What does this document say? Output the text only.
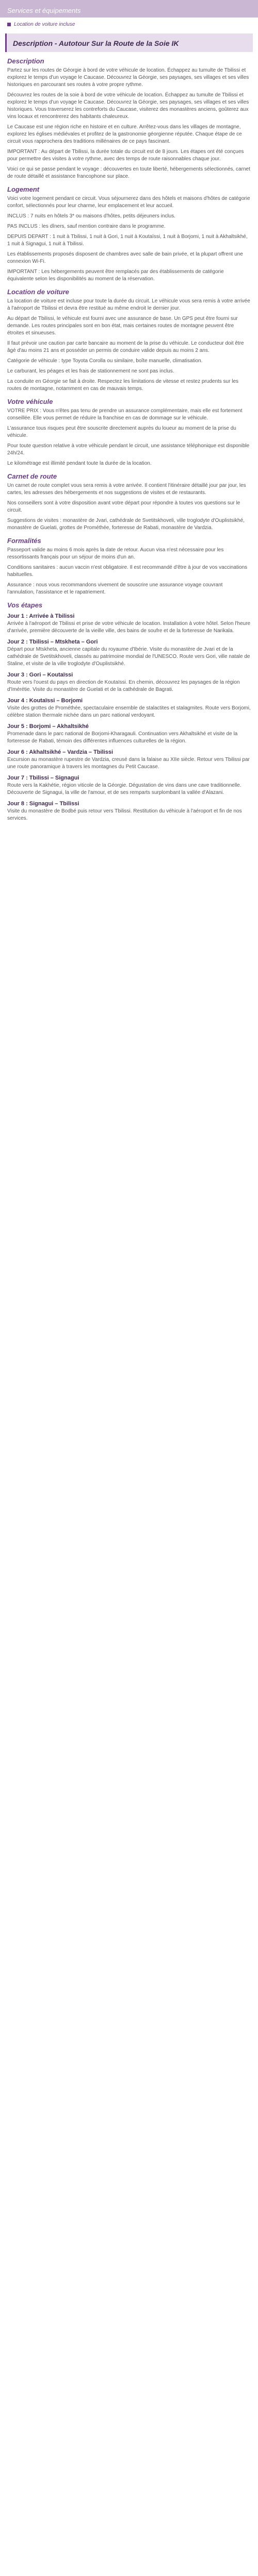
Services et équipements
Location de voiture incluse
Description - Autotour Sur la Route de la Soie IK
Description

Partez sur les routes de Géorgie à bord de votre véhicule de location. Échappez au tumulte de Tbilissi et explorez le temps d'un voyage le Caucase. Découvrez la Géorgie, ses paysages, ses villages et ses villes historiques en parcourant ses routes à votre propre rythme.

Découvrez les routes de la soie à bord de votre véhicule de location. Échappez au tumulte de Tbilissi et explorez le temps d'un voyage le Caucase. Découvrez la Géorgie, ses paysages, ses villages et ses villes historiques. Vous traverserez les contreforts du Caucase, visiterez des monastères anciens, goûterez aux vins locaux et rencontrerez des habitants chaleureux.

Le Caucase est une région riche en histoire et en culture. Arrêtez-vous dans les villages de montagne, explorez les églises médiévales et profitez de la gastronomie géorgienne réputée. Chaque étape de ce circuit vous rapprochera des traditions millénaires de ce pays fascinant.

IMPORTANT : Au départ de Tbilissi, la durée totale du circuit est de 8 jours. Les étapes ont été conçues pour permettre des visites à votre rythme, avec des temps de route raisonnables chaque jour.

Voici ce qui se passe pendant le voyage : découvertes en toute liberté, hébergements sélectionnés, carnet de route détaillé et assistance francophone sur place.

Logement

Voici votre logement pendant ce circuit. Vous séjournerez dans des hôtels et maisons d'hôtes de catégorie confort, sélectionnés pour leur charme, leur emplacement et leur accueil.

INCLUS : 7 nuits en hôtels 3* ou maisons d'hôtes, petits déjeuners inclus.

PAS INCLUS : les dîners, sauf mention contraire dans le programme.

DEPUIS DEPART : 1 nuit à Tbilissi, 1 nuit à Gori, 1 nuit à Koutaïssi, 1 nuit à Borjomi, 1 nuit à Akhaltsikhé, 1 nuit à Signagui, 1 nuit à Tbilissi.

Les établissements proposés disposent de chambres avec salle de bain privée, et la plupart offrent une connexion Wi-Fi.

IMPORTANT : Les hébergements peuvent être remplacés par des établissements de catégorie équivalente selon les disponibilités au moment de la réservation.

Location de voiture

La location de voiture est incluse pour toute la durée du circuit. Le véhicule vous sera remis à votre arrivée à l'aéroport de Tbilissi et devra être restitué au même endroit le dernier jour.

Au départ de Tbilissi, le véhicule est fourni avec une assurance de base. Un GPS peut être fourni sur demande. Les routes principales sont en bon état, mais certaines routes de montagne peuvent être étroites et sinueuses.

Il faut prévoir une caution par carte bancaire au moment de la prise du véhicule. Le conducteur doit être âgé d'au moins 21 ans et posséder un permis de conduire valide depuis au moins 2 ans.

Catégorie de véhicule : type Toyota Corolla ou similaire, boîte manuelle, climatisation.

Le carburant, les péages et les frais de stationnement ne sont pas inclus.

La conduite en Géorgie se fait à droite. Respectez les limitations de vitesse et restez prudents sur les routes de montagne, notamment en cas de mauvais temps.

Votre véhicule

VOTRE PRIX : Vous n'êtes pas tenu de prendre un assurance complémentaire, mais elle est fortement conseillée. Elle vous permet de réduire la franchise en cas de dommage sur le véhicule.

L'assurance tous risques peut être souscrite directement auprès du loueur au moment de la prise du véhicule.

Pour toute question relative à votre véhicule pendant le circuit, une assistance téléphonique est disponible 24h/24.

Le kilométrage est illimité pendant toute la durée de la location.

Carnet de route

Un carnet de route complet vous sera remis à votre arrivée. Il contient l'itinéraire détaillé jour par jour, les cartes, les adresses des hébergements et nos suggestions de visites et de restaurants.

Nos conseillers sont à votre disposition avant votre départ pour répondre à toutes vos questions sur le circuit.

Suggestions de visites : monastère de Jvari, cathédrale de Svetitskhoveli, ville troglodyte d'Ouplistsikhé, monastère de Guelati, grottes de Prométhée, forteresse de Rabati, monastère de Vardzia.

Formalités

Passeport valide au moins 6 mois après la date de retour. Aucun visa n'est nécessaire pour les ressortissants français pour un séjour de moins d'un an.

Conditions sanitaires : aucun vaccin n'est obligatoire. Il est recommandé d'être à jour de vos vaccinations habituelles.

Assurance : nous vous recommandons vivement de souscrire une assurance voyage couvrant l'annulation, l'assistance et le rapatriement.

Vos étapes
Jour 1 : Arrivée à Tbilissi

Arrivée à l'aéroport de Tbilissi et prise de votre véhicule de location. Installation à votre hôtel. Selon l'heure d'arrivée, première découverte de la vieille ville, des bains de soufre et de la forteresse de Narikala.

Jour 2 : Tbilissi – Mtskheta – Gori

Départ pour Mtskheta, ancienne capitale du royaume d'Ibérie. Visite du monastère de Jvari et de la cathédrale de Svetitskhoveli, classés au patrimoine mondial de l'UNESCO. Route vers Gori, ville natale de Staline, et visite de la ville troglodyte d'Ouplistsikhé.

Jour 3 : Gori – Koutaïssi

Route vers l'ouest du pays en direction de Koutaïssi. En chemin, découvrez les paysages de la région d'Imérétie. Visite du monastère de Guelati et de la cathédrale de Bagrati.

Jour 4 : Koutaïssi – Borjomi

Visite des grottes de Prométhée, spectaculaire ensemble de stalactites et stalagmites. Route vers Borjomi, célèbre station thermale nichée dans un parc national verdoyant.

Jour 5 : Borjomi – Akhaltsikhé

Promenade dans le parc national de Borjomi-Kharagauli. Continuation vers Akhaltsikhé et visite de la forteresse de Rabati, témoin des différentes influences culturelles de la région.

Jour 6 : Akhaltsikhé – Vardzia – Tbilissi

Excursion au monastère rupestre de Vardzia, creusé dans la falaise au XIIe siècle. Retour vers Tbilissi par une route panoramique à travers les montagnes du Petit Caucase.

Jour 7 : Tbilissi – Signagui

Route vers la Kakhétie, région viticole de la Géorgie. Dégustation de vins dans une cave traditionnelle. Découverte de Signagui, la ville de l'amour, et de ses remparts surplombant la vallée d'Alazani.

Jour 8 : Signagui – Tbilissi

Visite du monastère de Bodbé puis retour vers Tbilissi. Restitution du véhicule à l'aéroport et fin de nos services.
